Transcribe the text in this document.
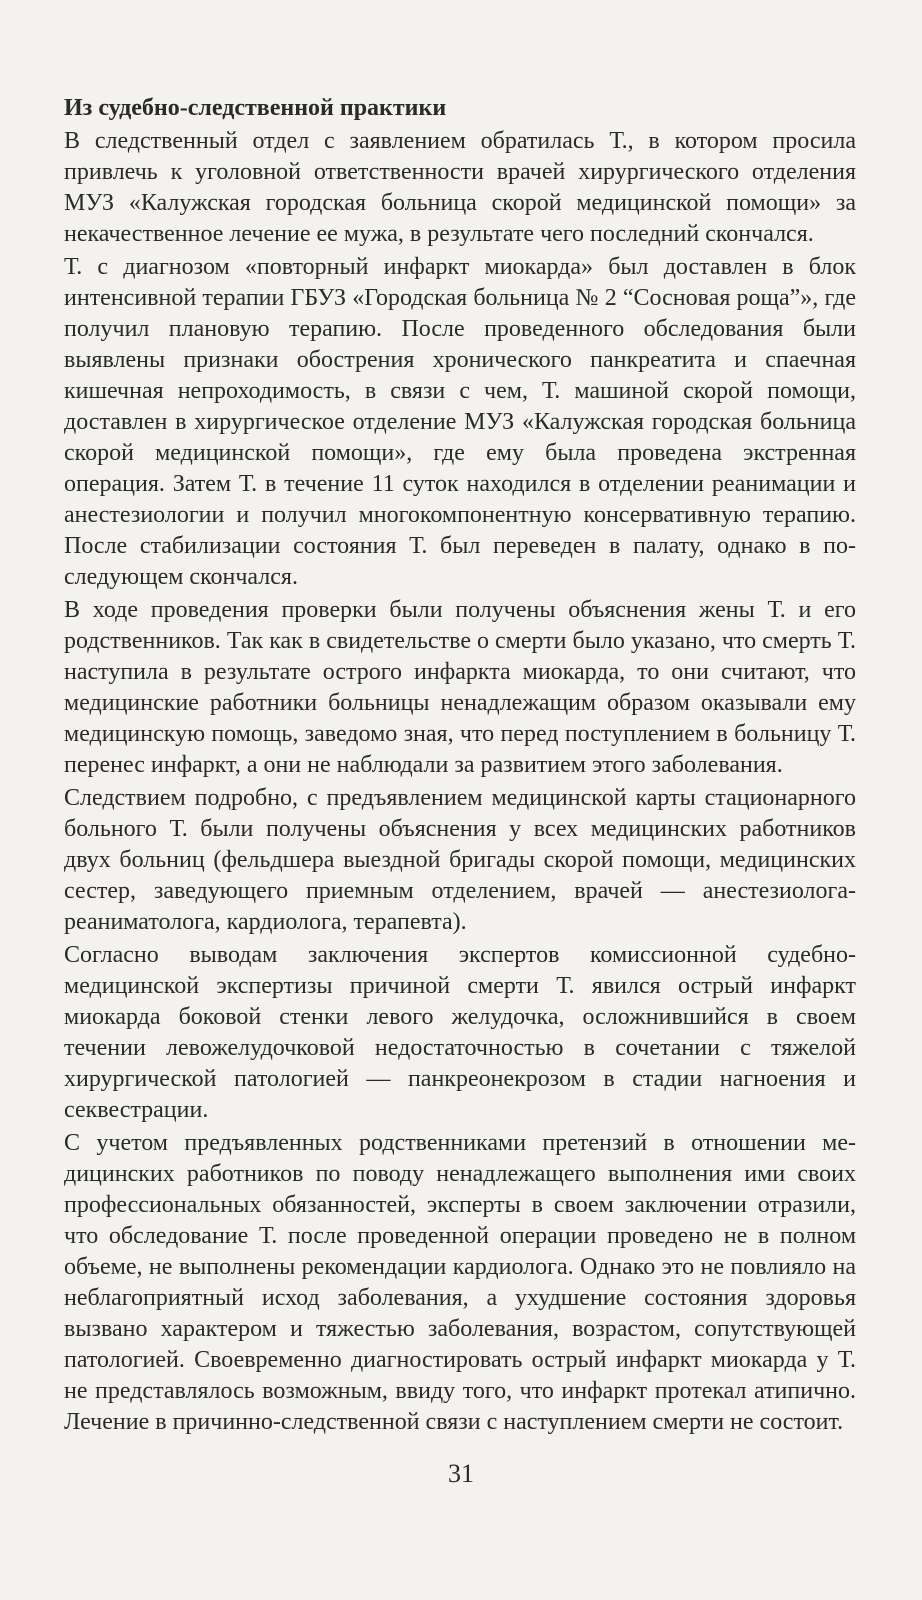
Из судебно-следственной практики

В следственный отдел с заявлением обратилась Т., в котором просила привлечь к уголовной ответственности врачей хирургического отделения МУЗ «Калужская городская больница скорой медицинской помощи» за некачественное лечение ее мужа, в результате чего последний скончался.

Т. с диагнозом «повторный инфаркт миокарда» был доставлен в блок интенсивной терапии ГБУЗ «Городская больница № 2 “Сосновая роща”», где получил плановую терапию. После проведенного обследования были выявлены признаки обострения хронического панкреатита и спаечная кишечная непроходимость, в связи с чем, Т. машиной скорой помощи, доставлен в хирургическое отделение МУЗ «Калужская городская больница скорой медицинской помощи», где ему была проведена экстренная операция. Затем Т. в течение 11 суток находился в отделении реанимации и анестезиологии и получил многокомпонентную консервативную терапию. После стабилизации состояния Т. был переведен в палату, однако в последующем скончался.

В ходе проведения проверки были получены объяснения жены Т. и его родственников. Так как в свидетельстве о смерти было указано, что смерть Т. наступила в результате острого инфаркта миокарда, то они считают, что медицинские работники больницы ненадлежащим образом оказывали ему медицинскую помощь, заведомо зная, что перед поступлением в больницу Т. перенес инфаркт, а они не наблюдали за развитием этого заболевания.

Следствием подробно, с предъявлением медицинской карты стационарного больного Т. были получены объяснения у всех медицинских работников двух больниц (фельдшера выездной бригады скорой помощи, медицинских сестер, заведующего приемным отделением, врачей — анестезиолога-реаниматолога, кардиолога, терапевта).

Согласно выводам заключения экспертов комиссионной судебно-медицинской экспертизы причиной смерти Т. явился острый инфаркт миокарда боковой стенки левого желудочка, осложнившийся в своем течении левожелудочковой недостаточностью в сочетании с тяжелой хирургической патологией — панкреонекрозом в стадии нагноения и секвестрации.

С учетом предъявленных родственниками претензий в отношении медицинских работников по поводу ненадлежащего выполнения ими своих профессиональных обязанностей, эксперты в своем заключении отразили, что обследование Т. после проведенной операции проведено не в полном объеме, не выполнены рекомендации кардиолога. Однако это не повлияло на неблагоприятный исход заболевания, а ухудшение состояния здоровья вызвано характером и тяжестью заболевания, возрастом, сопутствующей патологией. Своевременно диагностировать острый инфаркт миокарда у Т. не представлялось возможным, ввиду того, что инфаркт протекал атипично. Лечение в причинно-следственной связи с наступлением смерти не состоит.

31
